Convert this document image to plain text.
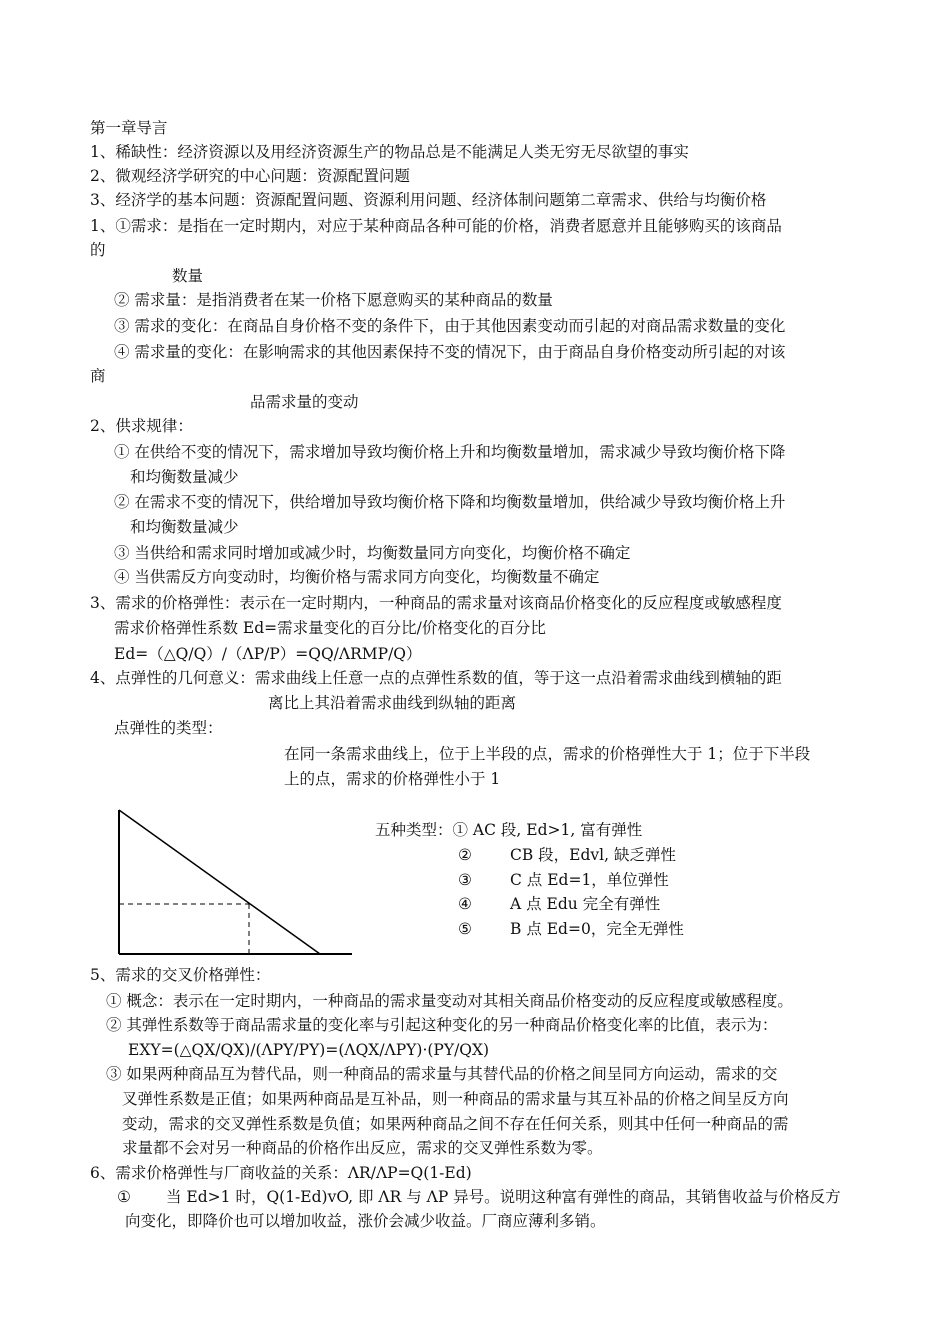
第一章导言
1、稀缺性：经济资源以及用经济资源生产的物品总是不能满足人类无穷无尽欲望的事实
2、微观经济学研究的中心问题：资源配置问题
3、经济学的基本问题：资源配置问题、资源利用问题、经济体制问题第二章需求、供给与均衡价格
1、①需求：是指在一定时期内，对应于某种商品各种可能的价格，消费者愿意并且能够购买的该商品
的
数量
② 需求量：是指消费者在某一价格下愿意购买的某种商品的数量
③ 需求的变化：在商品自身价格不变的条件下，由于其他因素变动而引起的对商品需求数量的变化
④ 需求量的变化：在影响需求的其他因素保持不变的情况下，由于商品自身价格变动所引起的对该
商
品需求量的变动
2、供求规律：
① 在供给不变的情况下，需求增加导致均衡价格上升和均衡数量增加，需求减少导致均衡价格下降
和均衡数量减少
② 在需求不变的情况下，供给增加导致均衡价格下降和均衡数量增加，供给减少导致均衡价格上升
和均衡数量减少
③ 当供给和需求同时增加或减少时，均衡数量同方向变化，均衡价格不确定
④ 当供需反方向变动时，均衡价格与需求同方向变化，均衡数量不确定
3、需求的价格弹性：表示在一定时期内，一种商品的需求量对该商品价格变化的反应程度或敏感程度
需求价格弹性系数 Ed=需求量变化的百分比/价格变化的百分比
Ed=（△Q/Q）/（ΛP/P）=QQ/ΛRMP/Q）
4、点弹性的几何意义：需求曲线上任意一点的点弹性系数的值，等于这一点沿着需求曲线到横轴的距
离比上其沿着需求曲线到纵轴的距离
点弹性的类型：
在同一条需求曲线上，位于上半段的点，需求的价格弹性大于 1；位于下半段
上的点，需求的价格弹性小于 1
五种类型：① AC 段, Ed>1, 富有弹性
② CB 段，Edvl, 缺乏弹性
③ C 点 Ed=1，单位弹性
④ A 点 Edu 完全有弹性
⑤ B 点 Ed=0，完全无弹性
5、需求的交叉价格弹性：
① 概念：表示在一定时期内，一种商品的需求量变动对其相关商品价格变动的反应程度或敏感程度。
② 其弹性系数等于商品需求量的变化率与引起这种变化的另一种商品价格变化率的比值，表示为：
EXY=(△QX/QX)/(ΛPY/PY)=(ΛQX/ΛPY)·(PY/QX)
③ 如果两种商品互为替代品，则一种商品的需求量与其替代品的价格之间呈同方向运动，需求的交
叉弹性系数是正值；如果两种商品是互补品，则一种商品的需求量与其互补品的价格之间呈反方向
变动，需求的交叉弹性系数是负值；如果两种商品之间不存在任何关系，则其中任何一种商品的需
求量都不会对另一种商品的价格作出反应，需求的交叉弹性系数为零。
6、需求价格弹性与厂商收益的关系：ΛR/ΛP=Q(1-Ed)
① 当 Ed>1 时，Q(1-Ed)vO, 即 ΛR 与 ΛP 异号。说明这种富有弹性的商品，其销售收益与价格反方
向变化，即降价也可以增加收益，涨价会减少收益。厂商应薄利多销。
